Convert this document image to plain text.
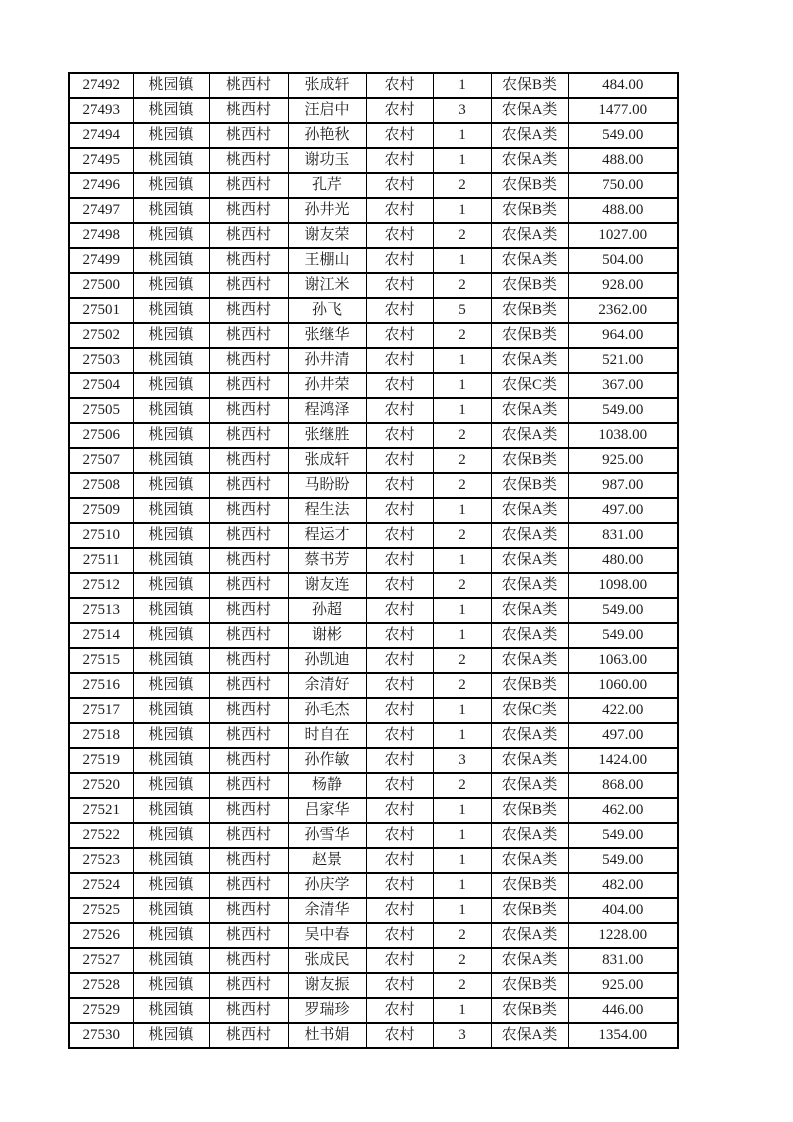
27492	桃园镇	桃西村	张成轩	农村	1	农保B类	484.00
27493	桃园镇	桃西村	汪启中	农村	3	农保A类	1477.00
27494	桃园镇	桃西村	孙艳秋	农村	1	农保A类	549.00
27495	桃园镇	桃西村	谢功玉	农村	1	农保A类	488.00
27496	桃园镇	桃西村	孔芹	农村	2	农保B类	750.00
27497	桃园镇	桃西村	孙井光	农村	1	农保B类	488.00
27498	桃园镇	桃西村	谢友荣	农村	2	农保A类	1027.00
27499	桃园镇	桃西村	王棚山	农村	1	农保A类	504.00
27500	桃园镇	桃西村	谢江米	农村	2	农保B类	928.00
27501	桃园镇	桃西村	孙飞	农村	5	农保B类	2362.00
27502	桃园镇	桃西村	张继华	农村	2	农保B类	964.00
27503	桃园镇	桃西村	孙井清	农村	1	农保A类	521.00
27504	桃园镇	桃西村	孙井荣	农村	1	农保C类	367.00
27505	桃园镇	桃西村	程鸿泽	农村	1	农保A类	549.00
27506	桃园镇	桃西村	张继胜	农村	2	农保A类	1038.00
27507	桃园镇	桃西村	张成轩	农村	2	农保B类	925.00
27508	桃园镇	桃西村	马盼盼	农村	2	农保B类	987.00
27509	桃园镇	桃西村	程生法	农村	1	农保A类	497.00
27510	桃园镇	桃西村	程运才	农村	2	农保A类	831.00
27511	桃园镇	桃西村	蔡书芳	农村	1	农保A类	480.00
27512	桃园镇	桃西村	谢友连	农村	2	农保A类	1098.00
27513	桃园镇	桃西村	孙超	农村	1	农保A类	549.00
27514	桃园镇	桃西村	谢彬	农村	1	农保A类	549.00
27515	桃园镇	桃西村	孙凯迪	农村	2	农保A类	1063.00
27516	桃园镇	桃西村	余清好	农村	2	农保B类	1060.00
27517	桃园镇	桃西村	孙毛杰	农村	1	农保C类	422.00
27518	桃园镇	桃西村	时自在	农村	1	农保A类	497.00
27519	桃园镇	桃西村	孙作敏	农村	3	农保A类	1424.00
27520	桃园镇	桃西村	杨静	农村	2	农保A类	868.00
27521	桃园镇	桃西村	吕家华	农村	1	农保B类	462.00
27522	桃园镇	桃西村	孙雪华	农村	1	农保A类	549.00
27523	桃园镇	桃西村	赵景	农村	1	农保A类	549.00
27524	桃园镇	桃西村	孙庆学	农村	1	农保B类	482.00
27525	桃园镇	桃西村	余清华	农村	1	农保B类	404.00
27526	桃园镇	桃西村	吴中春	农村	2	农保A类	1228.00
27527	桃园镇	桃西村	张成民	农村	2	农保A类	831.00
27528	桃园镇	桃西村	谢友振	农村	2	农保B类	925.00
27529	桃园镇	桃西村	罗瑞珍	农村	1	农保B类	446.00
27530	桃园镇	桃西村	杜书娟	农村	3	农保A类	1354.00
